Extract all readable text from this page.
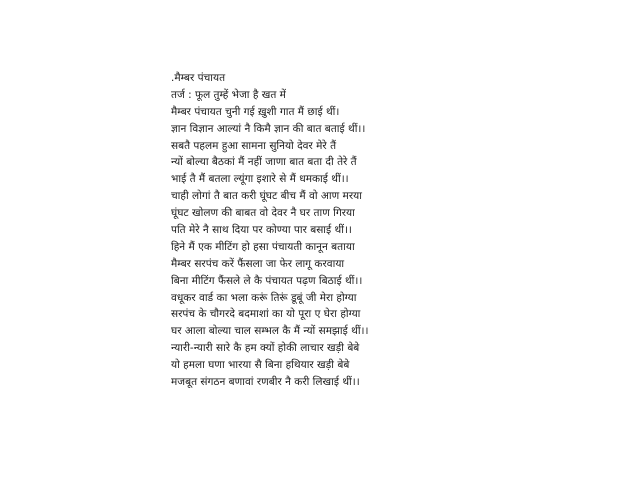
.मैम्बर पंचायत
तर्ज : फूल तुम्हें भेजा है खत में
मैम्बर पंचायत चुनी गई ख़ुशी गात मैं छाई थीं।
ज्ञान विज्ञान आल्यां नै किमै ज्ञान की बात बताई थीं।।
सबतै पहलम हुआ सामना सुनियो देवर मेरे तैं
न्यों बोल्या बैठकां मैं नहीं जाणा बात बता दी तेरे तैं
भाई तै मैं बतला ल्यूंगा इशारे से मैं धमकाई थीं।।
चाही लोगां तै बात करी घूंघट बीच मैं वो आण मरया
घूंघट खोलण की बाबत वो देवर नै घर ताण गिरया
पति मेरे नै साथ दिया पर कोण्या पार बसाई थीं।।
हिने मैं एक मीटिंग हो हसा पंचायती कानून बताया
मैम्बर सरपंच करें फैंसला जा फेर लागू करवाया
बिना मीटिंग फैंसले ले कै पंचायत पढ़ण बिठाई थीं।।
वधूकर वार्ड का भला करूं तिरूं डूबूं जी मेरा होग्या
सरपंच के चौगरदे बदमाशां का यो पूरा ए घेरा होग्या
घर आला बोल्या चाल सम्भल कै मैं न्यों समझाई थीं।।
न्यारी-न्यारी सारे कै हम क्यों होकी लाचार खड़ी बेबे
यो हमला घणा भारया सै बिना हथियार खड़ी बेबे
मजबूत संगठन बणावां रणबीर नै करी लिखाई थीं।।
